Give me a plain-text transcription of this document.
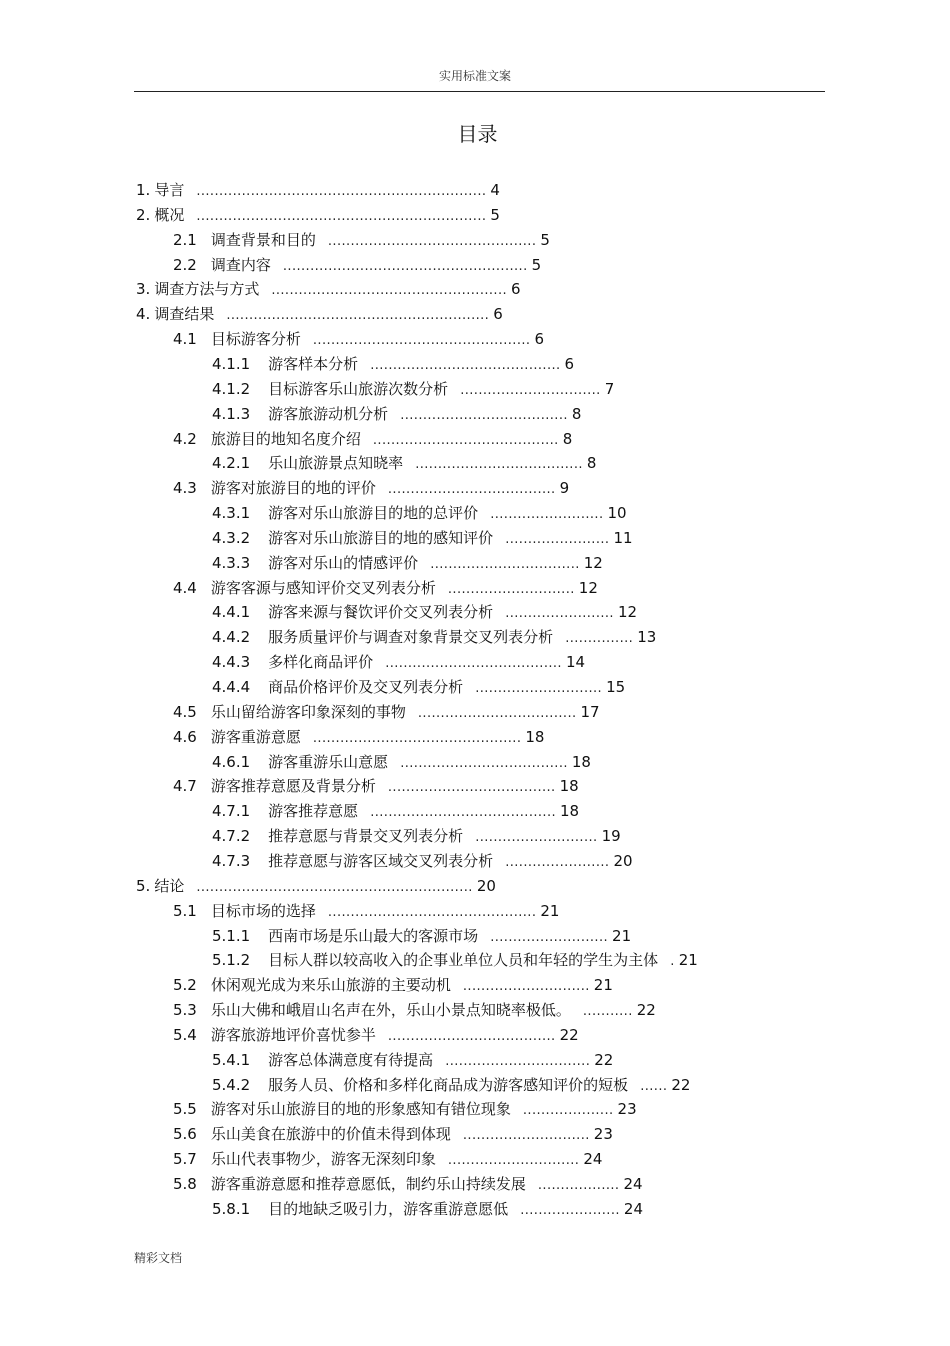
实用标准文案
目录
1. 导言 ................................................................ 4
2. 概况 ................................................................ 5
2.1 调查背景和目的 .............................................. 5
2.2 调查内容 ...................................................... 5
3. 调查方法与方式 .................................................... 6
4. 调查结果 .......................................................... 6
4.1 目标游客分析 ................................................ 6
4.1.1 游客样本分析 .......................................... 6
4.1.2 目标游客乐山旅游次数分析 ............................... 7
4.1.3 游客旅游动机分析 ..................................... 8
4.2 旅游目的地知名度介绍 ......................................... 8
4.2.1 乐山旅游景点知晓率 ..................................... 8
4.3 游客对旅游目的地的评价 ..................................... 9
4.3.1 游客对乐山旅游目的地的总评价 ......................... 10
4.3.2 游客对乐山旅游目的地的感知评价 ....................... 11
4.3.3 游客对乐山的情感评价 ................................. 12
4.4 游客客源与感知评价交叉列表分析 ............................ 12
4.4.1 游客来源与餐饮评价交叉列表分析 ........................ 12
4.4.2 服务质量评价与调查对象背景交叉列表分析 ............... 13
4.4.3 多样化商品评价 ....................................... 14
4.4.4 商品价格评价及交叉列表分析 ............................ 15
4.5 乐山留给游客印象深刻的事物 ................................... 17
4.6 游客重游意愿 .............................................. 18
4.6.1 游客重游乐山意愿 ..................................... 18
4.7 游客推荐意愿及背景分析 ..................................... 18
4.7.1 游客推荐意愿 ......................................... 18
4.7.2 推荐意愿与背景交叉列表分析 ........................... 19
4.7.3 推荐意愿与游客区域交叉列表分析 ....................... 20
5. 结论 ............................................................. 20
5.1 目标市场的选择 .............................................. 21
5.1.1 西南市场是乐山最大的客源市场 .......................... 21
5.1.2 目标人群以较高收入的企事业单位人员和年轻的学生为主体 . 21
5.2 休闲观光成为来乐山旅游的主要动机 ............................ 21
5.3 乐山大佛和峨眉山名声在外，乐山小景点知晓率极低。 ........... 22
5.4 游客旅游地评价喜忧参半 ..................................... 22
5.4.1 游客总体满意度有待提高 ................................ 22
5.4.2 服务人员、价格和多样化商品成为游客感知评价的短板 ...... 22
5.5 游客对乐山旅游目的地的形象感知有错位现象 .................... 23
5.6 乐山美食在旅游中的价值未得到体现 ............................ 23
5.7 乐山代表事物少，游客无深刻印象 ............................. 24
5.8 游客重游意愿和推荐意愿低，制约乐山持续发展 .................. 24
5.8.1 目的地缺乏吸引力，游客重游意愿低 ...................... 24
精彩文档
